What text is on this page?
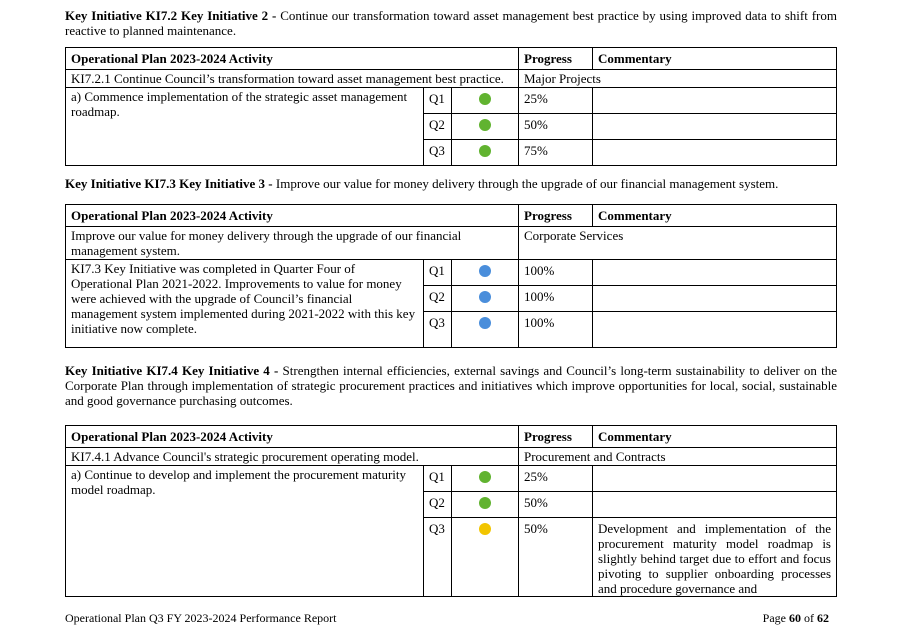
Key Initiative KI7.2 Key Initiative 2 - Continue our transformation toward asset management best practice by using improved data to shift from reactive to planned maintenance.

Operational Plan 2023-2024 Activity			Progress	Commentary
KI7.2.1 Continue Council’s transformation toward asset management best practice.			Major Projects	
a) Commence implementation of the strategic asset management roadmap.	Q1		25%	
	Q2		50%	
	Q3		75%	

Key Initiative KI7.3 Key Initiative 3 - Improve our value for money delivery through the upgrade of our financial management system.

Operational Plan 2023-2024 Activity			Progress	Commentary
Improve our value for money delivery through the upgrade of our financial management system.			Corporate Services	
KI7.3 Key Initiative was completed in Quarter Four of Operational Plan 2021-2022. Improvements to value for money were achieved with the upgrade of Council’s financial management system implemented during 2021-2022 with this key initiative now complete.	Q1		100%	
	Q2		100%	
	Q3		100%	

Key Initiative KI7.4 Key Initiative 4 - Strengthen internal efficiencies, external savings and Council’s long-term sustainability to deliver on the Corporate Plan through implementation of strategic procurement practices and initiatives which improve opportunities for local, social, sustainable and good governance purchasing outcomes.

Operational Plan 2023-2024 Activity			Progress	Commentary
KI7.4.1 Advance Council's strategic procurement operating model.			Procurement and Contracts	
a) Continue to develop and implement the procurement maturity model roadmap.	Q1		25%	
	Q2		50%	
	Q3		50%	Development and implementation of the procurement maturity model roadmap is slightly behind target due to effort and focus pivoting to supplier onboarding processes and procedure governance and
Operational Plan Q3 FY 2023-2024 Performance Report	Page 60 of 62
